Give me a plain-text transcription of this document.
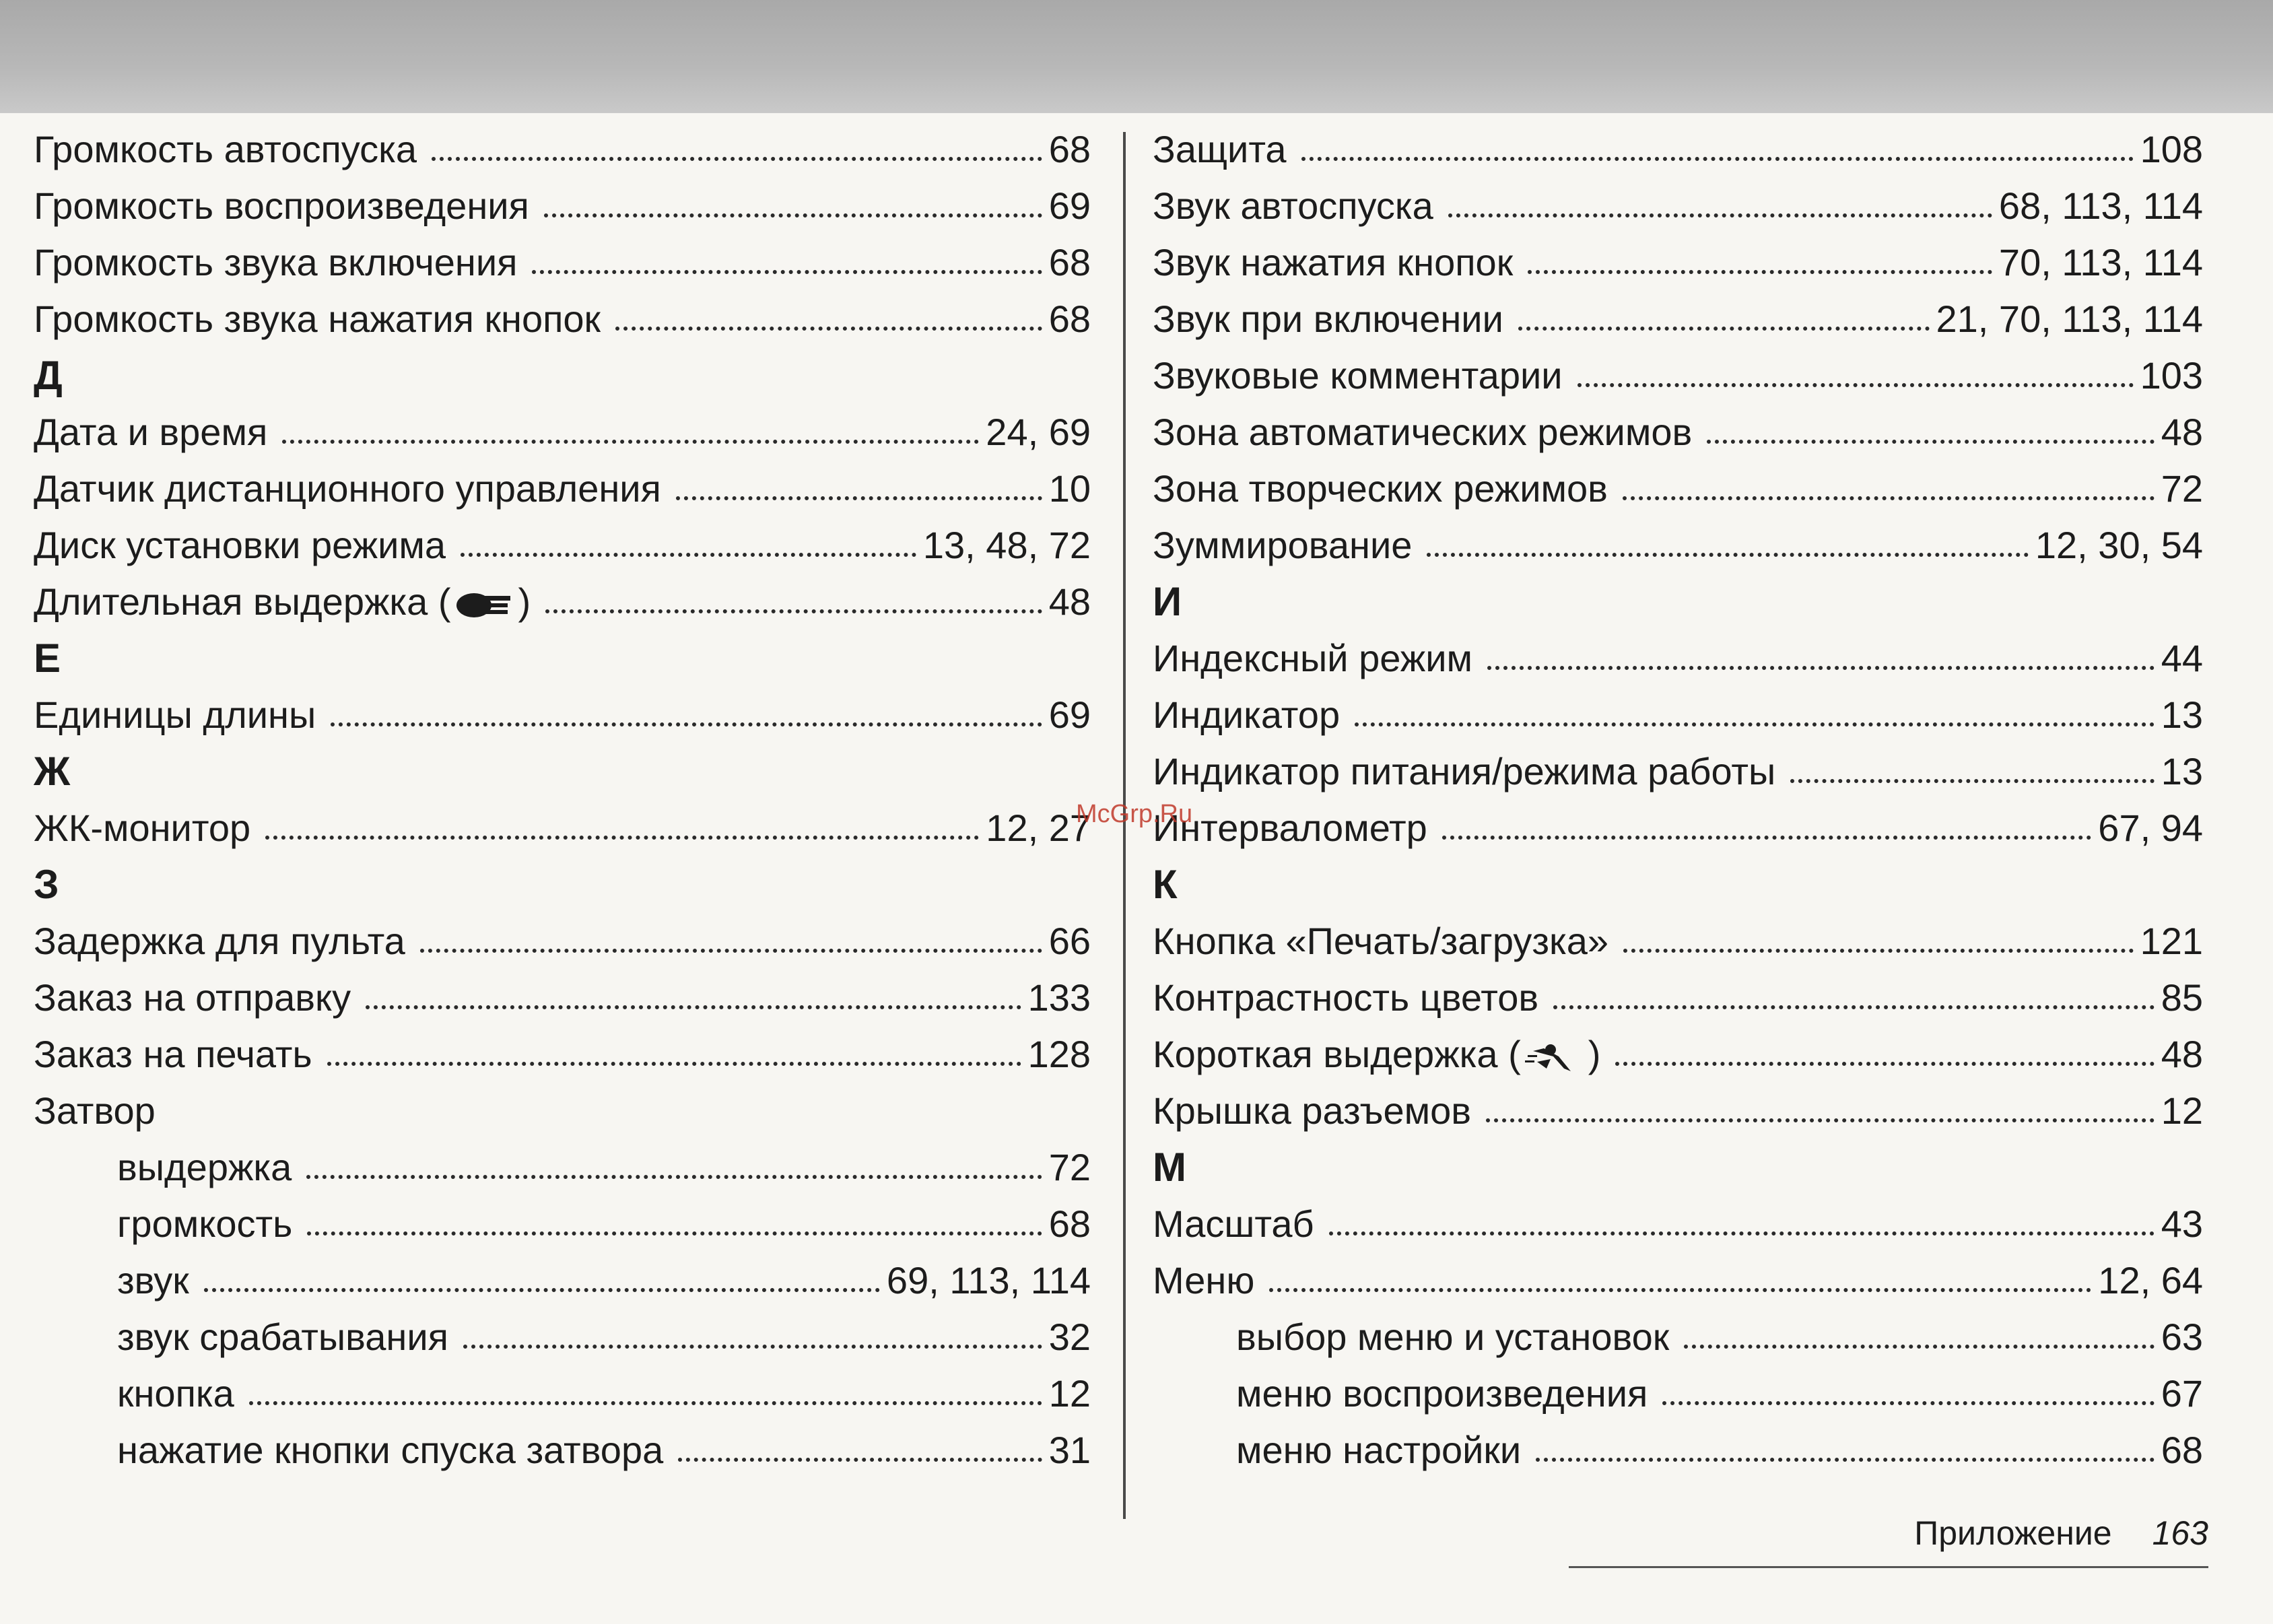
Громкость автоспуска	68
Громкость воспроизведения	69
Громкость звука включения	68
Громкость звука нажатия кнопок	68
Д
Дата и время	24, 69
Датчик дистанционного управления	10
Диск установки режима	13, 48, 72
Длительная выдержка ( )	48
Е
Единицы длины	69
Ж
ЖК-монитор	12, 27
З
Задержка для пульта	66
Заказ на отправку	133
Заказ на печать	128
Затвор
выдержка	72
громкость	68
звук	69, 113, 114
звук срабатывания	32
кнопка	12
нажатие кнопки спуска затвора	31
Защита	108
Звук автоспуска	68, 113, 114
Звук нажатия кнопок	70, 113, 114
Звук при включении	21, 70, 113, 114
Звуковые комментарии	103
Зона автоматических режимов	48
Зона творческих режимов	72
Зуммирование	12, 30, 54
И
Индексный режим	44
Индикатор	13
Индикатор питания/режима работы	13
Интервалометр	67, 94
К
Кнопка «Печать/загрузка»	121
Контрастность цветов	85
Короткая выдержка ( )	48
Крышка разъемов	12
М
Масштаб	43
Меню	12, 64
выбор меню и установок	63
меню воспроизведения	67
меню настройки	68
McGrp.Ru
Приложение 163
